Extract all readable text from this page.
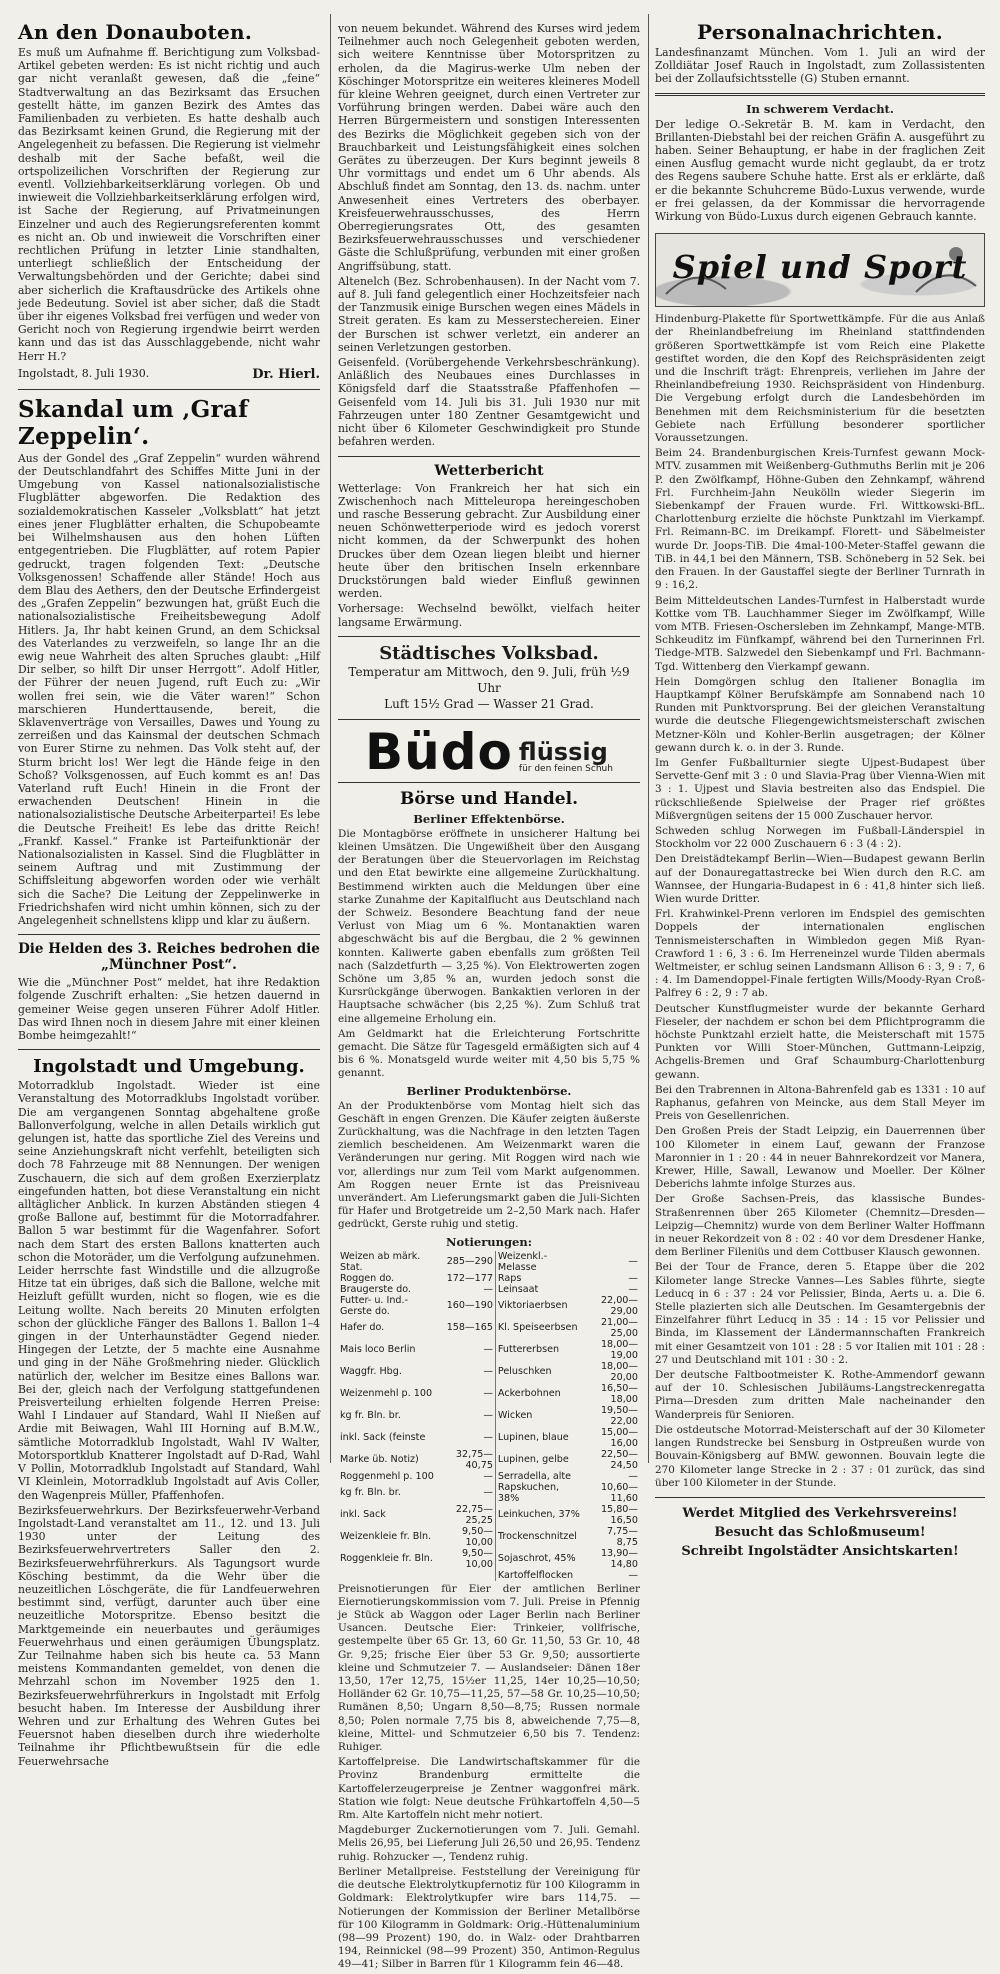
An den Donauboten.

Es muß um Aufnahme ff. Berichtigung zum Volksbad-Artikel gebeten werden: Es ist nicht richtig und auch gar nicht veranlaßt gewesen, daß die „feine“ Stadtverwaltung an das Bezirksamt das Ersuchen gestellt hätte, im ganzen Bezirk des Amtes das Familienbaden zu verbieten. Es hatte deshalb auch das Bezirksamt keinen Grund, die Regierung mit der Angelegenheit zu befassen. Die Regierung ist vielmehr deshalb mit der Sache befaßt, weil die ortspolizeilichen Vorschriften der Regierung zur eventl. Vollziehbarkeitserklärung vorlegen. Ob und inwieweit die Vollziehbarkeitserklärung erfolgen wird, ist Sache der Regierung, auf Privatmeinungen Einzelner und auch des Regierungsreferenten kommt es nicht an. Ob und inwieweit die Vorschriften einer rechtlichen Prüfung in letzter Linie standhalten, unterliegt schließlich der Entscheidung der Verwaltungsbehörden und der Gerichte; dabei sind aber sicherlich die Kraftausdrücke des Artikels ohne jede Bedeutung. Soviel ist aber sicher, daß die Stadt über ihr eigenes Volksbad frei verfügen und weder von Gericht noch von Regierung irgendwie beirrt werden kann und das ist das Ausschlaggebende, nicht wahr Herr H.?

Ingolstadt, 8. Juli 1930.	Dr. Hierl.
Skandal um ‚Graf Zeppelin‘.

Aus der Gondel des „Graf Zeppelin“ wurden während der Deutschlandfahrt des Schiffes Mitte Juni in der Umgebung von Kassel nationalsozialistische Flugblätter abgeworfen. Die Redaktion des sozialdemokratischen Kasseler „Volksblatt“ hat jetzt eines jener Flugblätter erhalten, die Schupobeamte bei Wilhelmshausen aus den hohen Lüften entgegentrieben. Die Flugblätter, auf rotem Papier gedruckt, tragen folgenden Text: „Deutsche Volksgenossen! Schaffende aller Stände! Hoch aus dem Blau des Aethers, den der Deutsche Erfindergeist des „Grafen Zeppelin“ bezwungen hat, grüßt Euch die nationalsozialistische Freiheitsbewegung Adolf Hitlers. Ja, Ihr habt keinen Grund, an dem Schicksal des Vaterlandes zu verzweifeln, so lange Ihr an die ewig neue Wahrheit des alten Spruches glaubt: „Hilf Dir selber, so hilft Dir unser Herrgott“. Adolf Hitler, der Führer der neuen Jugend, ruft Euch zu: „Wir wollen frei sein, wie die Väter waren!“ Schon marschieren Hunderttausende, bereit, die Sklavenverträge von Versailles, Dawes und Young zu zerreißen und das Kainsmal der deutschen Schmach von Eurer Stirne zu nehmen. Das Volk steht auf, der Sturm bricht los! Wer legt die Hände feige in den Schoß? Volksgenossen, auf Euch kommt es an! Das Vaterland ruft Euch! Hinein in die Front der erwachenden Deutschen! Hinein in die nationalsozialistische Deutsche Arbeiterpartei! Es lebe die Deutsche Freiheit! Es lebe das dritte Reich! „Frankf. Kassel.“ Franke ist Parteifunktionär der Nationalsozialisten in Kassel. Sind die Flugblätter in seinem Auftrag und mit Zustimmung der Schiffsleitung abgeworfen worden oder wie verhält sich die Sache? Die Leitung der Zeppelinwerke in Friedrichshafen wird nicht umhin können, sich zu der Angelegenheit schnellstens klipp und klar zu äußern.

Die Helden des 3. Reiches bedrohen die „Münchner Post“.

Wie die „Münchner Post“ meldet, hat ihre Redaktion folgende Zuschrift erhalten: „Sie hetzen dauernd in gemeiner Weise gegen unseren Führer Adolf Hitler. Das wird Ihnen noch in diesem Jahre mit einer kleinen Bombe heimgezahlt!“

Ingolstadt und Umgebung.

Motorradklub Ingolstadt. Wieder ist eine Veranstaltung des Motorradklubs Ingolstadt vorüber. Die am vergangenen Sonntag abgehaltene große Ballonverfolgung, welche in allen Details wirklich gut gelungen ist, hatte das sportliche Ziel des Vereins und seine Anziehungskraft nicht verfehlt, beteiligten sich doch 78 Fahrzeuge mit 88 Nennungen. Der wenigen Zuschauern, die sich auf dem großen Exerzierplatz eingefunden hatten, bot diese Veranstaltung ein nicht alltäglicher Anblick. In kurzen Abständen stiegen 4 große Ballone auf, bestimmt für die Motorradfahrer. Ballon 5 war bestimmt für die Wagenfahrer. Sofort nach dem Start des ersten Ballons knatterten auch schon die Motoräder, um die Verfolgung aufzunehmen. Leider herrschte fast Windstille und die allzugroße Hitze tat ein übriges, daß sich die Ballone, welche mit Heizluft gefüllt wurden, nicht so flogen, wie es die Leitung wollte. Nach bereits 20 Minuten erfolgten schon der glückliche Fänger des Ballons 1. Ballon 1–4 gingen in der Unterhaunstädter Gegend nieder. Hingegen der Letzte, der 5 machte eine Ausnahme und ging in der Nähe Großmehring nieder. Glücklich natürlich der, welcher im Besitze eines Ballons war. Bei der, gleich nach der Verfolgung stattgefundenen Preisverteilung erhielten folgende Herren Preise: Wahl I Lindauer auf Standard, Wahl II Nießen auf Ardie mit Beiwagen, Wahl III Horning auf B.M.W., sämtliche Motorradklub Ingolstadt, Wahl IV Walter, Motorsportklub Knatterer Ingolstadt auf D-Rad, Wahl V Pollin, Motorradklub Ingolstadt auf Standard, Wahl VI Kleinlein, Motorradklub Ingolstadt auf Avis Coller, den Wagenpreis Müller, Pfaffenhofen.

Bezirksfeuerwehrkurs. Der Bezirksfeuerwehr-Verband Ingolstadt-Land veranstaltet am 11., 12. und 13. Juli 1930 unter der Leitung des Bezirksfeuerwehrvertreters Saller den 2. Bezirksfeuerwehrführerkurs. Als Tagungsort wurde Kösching bestimmt, da die Wehr über die neuzeitlichen Löschgeräte, die für Landfeuerwehren bestimmt sind, verfügt, darunter auch über eine neuzeitliche Motorspritze. Ebenso besitzt die Marktgemeinde ein neuerbautes und geräumiges Feuerwehrhaus und einen geräumigen Übungsplatz. Zur Teilnahme haben sich bis heute ca. 53 Mann meistens Kommandanten gemeldet, von denen die Mehrzahl schon im November 1925 den 1. Bezirksfeuerwehrführerkurs in Ingolstadt mit Erfolg besucht haben. Im Interesse der Ausbildung ihrer Wehren und zur Erhaltung des Wehren Gutes bei Feuersnot haben dieselben durch ihre wiederholte Teilnahme ihr Pflichtbewußtsein für die edle Feuerwehrsache

von neuem bekundet. Während des Kurses wird jedem Teilnehmer auch noch Gelegenheit geboten werden, sich weitere Kenntnisse über Motorspritzen zu erholen, da die Magirus-werke Ulm neben der Köschinger Motorspritze ein weiteres kleineres Modell für kleine Wehren geeignet, durch einen Vertreter zur Vorführung bringen werden. Dabei wäre auch den Herren Bürgermeistern und sonstigen Interessenten des Bezirks die Möglichkeit gegeben sich von der Brauchbarkeit und Leistungsfähigkeit eines solchen Gerätes zu überzeugen. Der Kurs beginnt jeweils 8 Uhr vormittags und endet um 6 Uhr abends. Als Abschluß findet am Sonntag, den 13. ds. nachm. unter Anwesenheit eines Vertreters des oberbayer. Kreisfeuerwehrausschusses, des Herrn Oberregierungsrates Ott, des gesamten Bezirksfeuerwehrausschusses und verschiedener Gäste die Schlußprüfung, verbunden mit einer großen Angriffsübung, statt.

Altenelch (Bez. Schrobenhausen). In der Nacht vom 7. auf 8. Juli fand gelegentlich einer Hochzeitsfeier nach der Tanzmusik einige Burschen wegen eines Mädels in Streit geraten. Es kam zu Messerstechereien. Einer der Burschen ist schwer verletzt, ein anderer an seinen Verletzungen gestorben.

Geisenfeld. (Vorübergehende Verkehrsbeschränkung). Anläßlich des Neubaues eines Durchlasses in Königsfeld darf die Staatsstraße Pfaffenhofen — Geisenfeld vom 14. Juli bis 31. Juli 1930 nur mit Fahrzeugen unter 180 Zentner Gesamtgewicht und nicht über 6 Kilometer Geschwindigkeit pro Stunde befahren werden.

Wetterbericht

Wetterlage: Von Frankreich her hat sich ein Zwischenhoch nach Mitteleuropa hereingeschoben und rasche Besserung gebracht. Zur Ausbildung einer neuen Schönwetterperiode wird es jedoch vorerst nicht kommen, da der Schwerpunkt des hohen Druckes über dem Ozean liegen bleibt und hierner heute über den britischen Inseln erkennbare Druckstörungen bald wieder Einfluß gewinnen werden.

Vorhersage: Wechselnd bewölkt, vielfach heiter langsame Erwärmung.

Städtisches Volksbad.
Temperatur am Mittwoch, den 9. Juli, früh ½9 Uhr
Luft 15½ Grad — Wasser 21 Grad.
Büdo flüssig
für den feinen Schuh
Börse und Handel.
Berliner Effektenbörse.

Die Montagbörse eröffnete in unsicherer Haltung bei kleinen Umsätzen. Die Ungewißheit über den Ausgang der Beratungen über die Steuervorlagen im Reichstag und den Etat bewirkte eine allgemeine Zurückhaltung. Bestimmend wirkten auch die Meldungen über eine starke Zunahme der Kapitalflucht aus Deutschland nach der Schweiz. Besondere Beachtung fand der neue Verlust von Miag um 6 %. Montanaktien waren abgeschwächt bis auf die Bergbau, die 2 % gewinnen konnten. Kaliwerte gaben ebenfalls zum größten Teil nach (Salzdetfurth — 3,25 %). Von Elektrowerten zogen Schöne um 3,85 % an, wurden jedoch sonst die Kursrückgänge überwogen. Bankaktien verloren in der Hauptsache schwächer (bis 2,25 %). Zum Schluß trat eine allgemeine Erholung ein.

Am Geldmarkt hat die Erleichterung Fortschritte gemacht. Die Sätze für Tagesgeld ermäßigten sich auf 4 bis 6 %. Monatsgeld wurde weiter mit 4,50 bis 5,75 % genannt.

Berliner Produktenbörse.

An der Produktenbörse vom Montag hielt sich das Geschäft in engen Grenzen. Die Käufer zeigten äußerste Zurückhaltung, was die Nachfrage in den letzten Tagen ziemlich bescheidenen. Am Weizenmarkt waren die Veränderungen nur gering. Mit Roggen wird nach wie vor, allerdings nur zum Teil vom Markt aufgenommen. Am Roggen neuer Ernte ist das Preisniveau unverändert. Am Lieferungsmarkt gaben die Juli-Sichten für Hafer und Brotgetreide um 2–2,50 Mark nach. Hafer gedrückt, Gerste ruhig und stetig.

Notierungen:
Weizen ab märk. Stat.	285—290	Weizenkl.-Melasse	—
Roggen do.	172—177	Raps	—
Braugerste do.	—	Leinsaat	—
Futter- u. Ind.-Gerste do.	160—190	Viktoriaerbsen	22,00—29,00
Hafer do.	158—165	Kl. Speiseerbsen	21,00—25,00
Mais loco Berlin	—	Futtererbsen	18,00—19,00
Waggfr. Hbg.	—	Peluschken	18,00—20,00
Weizenmehl p. 100	—	Ackerbohnen	16,50—18,00
kg fr. Bln. br.	—	Wicken	19,50—22,00
inkl. Sack (feinste	—	Lupinen, blaue	15,00—16,00
Marke üb. Notiz)	32,75—40,75	Lupinen, gelbe	22,50—24,50
Roggenmehl p. 100	—	Serradella, alte	—
kg fr. Bln. br.	—	Rapskuchen, 38%	10,60—11,60
inkl. Sack	22,75—25,25	Leinkuchen, 37%	15,80—16,50
Weizenkleie fr. Bln.	9,50—10,00	Trockenschnitzel	7,75—8,75
Roggenkleie fr. Bln.	9,50—10,00	Sojaschrot, 45%	13,90—14,80
		Kartoffelflocken	—

Preisnotierungen für Eier der amtlichen Berliner Eiernotierungskommission vom 7. Juli. Preise in Pfennig je Stück ab Waggon oder Lager Berlin nach Berliner Usancen. Deutsche Eier: Trinkeier, vollfrische, gestempelte über 65 Gr. 13, 60 Gr. 11,50, 53 Gr. 10, 48 Gr. 9,25; frische Eier über 53 Gr. 9,50; aussortierte kleine und Schmutzeier 7. — Auslandseier: Dänen 18er 13,50, 17er 12,75, 15½er 11,25, 14er 10,25—10,50; Holländer 62 Gr. 10,75—11,25, 57—58 Gr. 10,25—10,50; Rumänen 8,50; Ungarn 8,50—8,75; Russen normale 8,50; Polen normale 7,75 bis 8, abweichende 7,75—8, kleine, Mittel- und Schmutzeier 6,50 bis 7. Tendenz: Ruhiger.

Kartoffelpreise. Die Landwirtschaftskammer für die Provinz Brandenburg ermittelte die Kartoffelerzeugerpreise je Zentner waggonfrei märk. Station wie folgt: Neue deutsche Frühkartoffeln 4,50—5 Rm. Alte Kartoffeln nicht mehr notiert.

Magdeburger Zuckernotierungen vom 7. Juli. Gemahl. Melis 26,95, bei Lieferung Juli 26,50 und 26,95. Tendenz ruhig. Rohzucker —, Tendenz ruhig.

Berliner Metallpreise. Feststellung der Vereinigung für die deutsche Elektrolytkupfernotiz für 100 Kilogramm in Goldmark: Elektrolytkupfer wire bars 114,75. — Notierungen der Kommission der Berliner Metallbörse für 100 Kilogramm in Goldmark: Orig.-Hüttenaluminium (98—99 Prozent) 190, do. in Walz- oder Drahtbarren 194, Reinnickel (98—99 Prozent) 350, Antimon-Regulus 49—41; Silber in Barren für 1 Kilogramm fein 46—48.

Personalnachrichten.

Landesfinanzamt München. Vom 1. Juli an wird der Zolldiätar Josef Rauch in Ingolstadt, zum Zollassistenten bei der Zollaufsichtsstelle (G) Stuben ernannt.

In schwerem Verdacht.

Der ledige O.-Sekretär B. M. kam in Verdacht, den Brillanten-Diebstahl bei der reichen Gräfin A. ausgeführt zu haben. Seiner Behauptung, er habe in der fraglichen Zeit einen Ausflug gemacht wurde nicht geglaubt, da er trotz des Regens saubere Schuhe hatte. Erst als er erklärte, daß er die bekannte Schuhcreme Büdo-Luxus verwende, wurde er frei gelassen, da der Kommissar die hervorragende Wirkung von Büdo-Luxus durch eigenen Gebrauch kannte.

Spiel und Sport

Hindenburg-Plakette für Sportwettkämpfe. Für die aus Anlaß der Rheinlandbefreiung im Rheinland stattfindenden größeren Sportwettkämpfe ist vom Reich eine Plakette gestiftet worden, die den Kopf des Reichspräsidenten zeigt und die Inschrift trägt: Ehrenpreis, verliehen im Jahre der Rheinlandbefreiung 1930. Reichspräsident von Hindenburg. Die Vergebung erfolgt durch die Landesbehörden im Benehmen mit dem Reichsministerium für die besetzten Gebiete nach Erfüllung besonderer sportlicher Voraussetzungen.

Beim 24. Brandenburgischen Kreis-Turnfest gewann Mock-MTV. zusammen mit Weißenberg-Guthmuths Berlin mit je 206 P. den Zwölfkampf, Höhne-Guben den Zehnkampf, während Frl. Furchheim-Jahn Neukölln wieder Siegerin im Siebenkampf der Frauen wurde. Frl. Wittkowski-BfL. Charlottenburg erzielte die höchste Punktzahl im Vierkampf. Frl. Reimann-BC. im Dreikampf. Florett- und Säbelmeister wurde Dr. Joops-TiB. Die 4mal-100-Meter-Staffel gewann die TiB. in 44,1 bei den Männern, TSB. Schöneberg in 52 Sek. bei den Frauen. In der Gaustaffel siegte der Berliner Turnrath in 9 : 16,2.

Beim Mitteldeutschen Landes-Turnfest in Halberstadt wurde Kottke vom TB. Lauchhammer Sieger im Zwölfkampf, Wille vom MTB. Friesen-Oschersleben im Zehnkampf, Mange-MTB. Schkeuditz im Fünfkampf, während bei den Turnerinnen Frl. Tiedge-MTB. Salzwedel den Siebenkampf und Frl. Bachmann-Tgd. Wittenberg den Vierkampf gewann.

Hein Domgörgen schlug den Italiener Bonaglia im Hauptkampf Kölner Berufskämpfe am Sonnabend nach 10 Runden mit Punktvorsprung. Bei der gleichen Veranstaltung wurde die deutsche Fliegengewichtsmeisterschaft zwischen Metzner-Köln und Kohler-Berlin ausgetragen; der Kölner gewann durch k. o. in der 3. Runde.

Im Genfer Fußballturnier siegte Ujpest-Budapest über Servette-Genf mit 3 : 0 und Slavia-Prag über Vienna-Wien mit 3 : 1. Ujpest und Slavia bestreiten also das Endspiel. Die rückschließende Spielweise der Prager rief größtes Mißvergnügen seitens der 15 000 Zuschauer hervor.

Schweden schlug Norwegen im Fußball-Länderspiel in Stockholm vor 22 000 Zuschauern 6 : 3 (4 : 2).

Den Dreistädtekampf Berlin—Wien—Budapest gewann Berlin auf der Donauregattastrecke bei Wien durch den R.C. am Wannsee, der Hungaria-Budapest in 6 : 41,8 hinter sich ließ. Wien wurde Dritter.

Frl. Krahwinkel-Prenn verloren im Endspiel des gemischten Doppels der internationalen englischen Tennismeisterschaften in Wimbledon gegen Miß Ryan-Crawford 1 : 6, 3 : 6. Im Herreneinzel wurde Tilden abermals Weltmeister, er schlug seinen Landsmann Allison 6 : 3, 9 : 7, 6 : 4. Im Damendoppel-Finale fertigten Wills/Moody-Ryan Croß-Palfrey 6 : 2, 9 : 7 ab.

Deutscher Kunstflugmeister wurde der bekannte Gerhard Fieseler, der nachdem er schon bei dem Pflichtprogramm die höchste Punktzahl erzielt hatte, die Meisterschaft mit 1575 Punkten vor Willi Stoer-München, Guttmann-Leipzig, Achgelis-Bremen und Graf Schaumburg-Charlottenburg gewann.

Bei den Trabrennen in Altona-Bahrenfeld gab es 1331 : 10 auf Raphanus, gefahren von Meincke, aus dem Stall Meyer im Preis von Gesellenrichen.

Den Großen Preis der Stadt Leipzig, ein Dauerrennen über 100 Kilometer in einem Lauf, gewann der Franzose Maronnier in 1 : 20 : 44 in neuer Bahnrekordzeit vor Manera, Krewer, Hille, Sawall, Lewanow und Moeller. Der Kölner Deberichs lahmte infolge Sturzes aus.

Der Große Sachsen-Preis, das klassische Bundes-Straßenrennen über 265 Kilometer (Chemnitz—Dresden—Leipzig—Chemnitz) wurde von dem Berliner Walter Hoffmann in neuer Rekordzeit von 8 : 02 : 40 vor dem Dresdener Hanke, dem Berliner Fileniüs und dem Cottbuser Klausch gewonnen.

Bei der Tour de France, deren 5. Etappe über die 202 Kilometer lange Strecke Vannes—Les Sables führte, siegte Leducq in 6 : 37 : 24 vor Pelissier, Binda, Aerts u. a. Die 6. Stelle plazierten sich alle Deutschen. Im Gesamtergebnis der Einzelfahrer führt Leducq in 35 : 14 : 15 vor Pelissier und Binda, im Klassement der Ländermannschaften Frankreich mit einer Gesamtzeit von 101 : 28 : 5 vor Italien mit 101 : 28 : 27 und Deutschland mit 101 : 30 : 2.

Der deutsche Faltbootmeister K. Rothe-Ammendorf gewann auf der 10. Schlesischen Jubiläums-Langstreckenregatta Pirna—Dresden zum dritten Male nacheinander den Wanderpreis für Senioren.

Die ostdeutsche Motorrad-Meisterschaft auf der 30 Kilometer langen Rundstrecke bei Sensburg in Ostpreußen wurde von Bouvain-Königsberg auf BMW. gewonnen. Bouvain legte die 270 Kilometer lange Strecke in 2 : 37 : 01 zurück, das sind über 100 Kilometer in der Stunde.

Werdet Mitglied des Verkehrsvereins!
Besucht das Schloßmuseum!
Schreibt Ingolstädter Ansichtskarten!
